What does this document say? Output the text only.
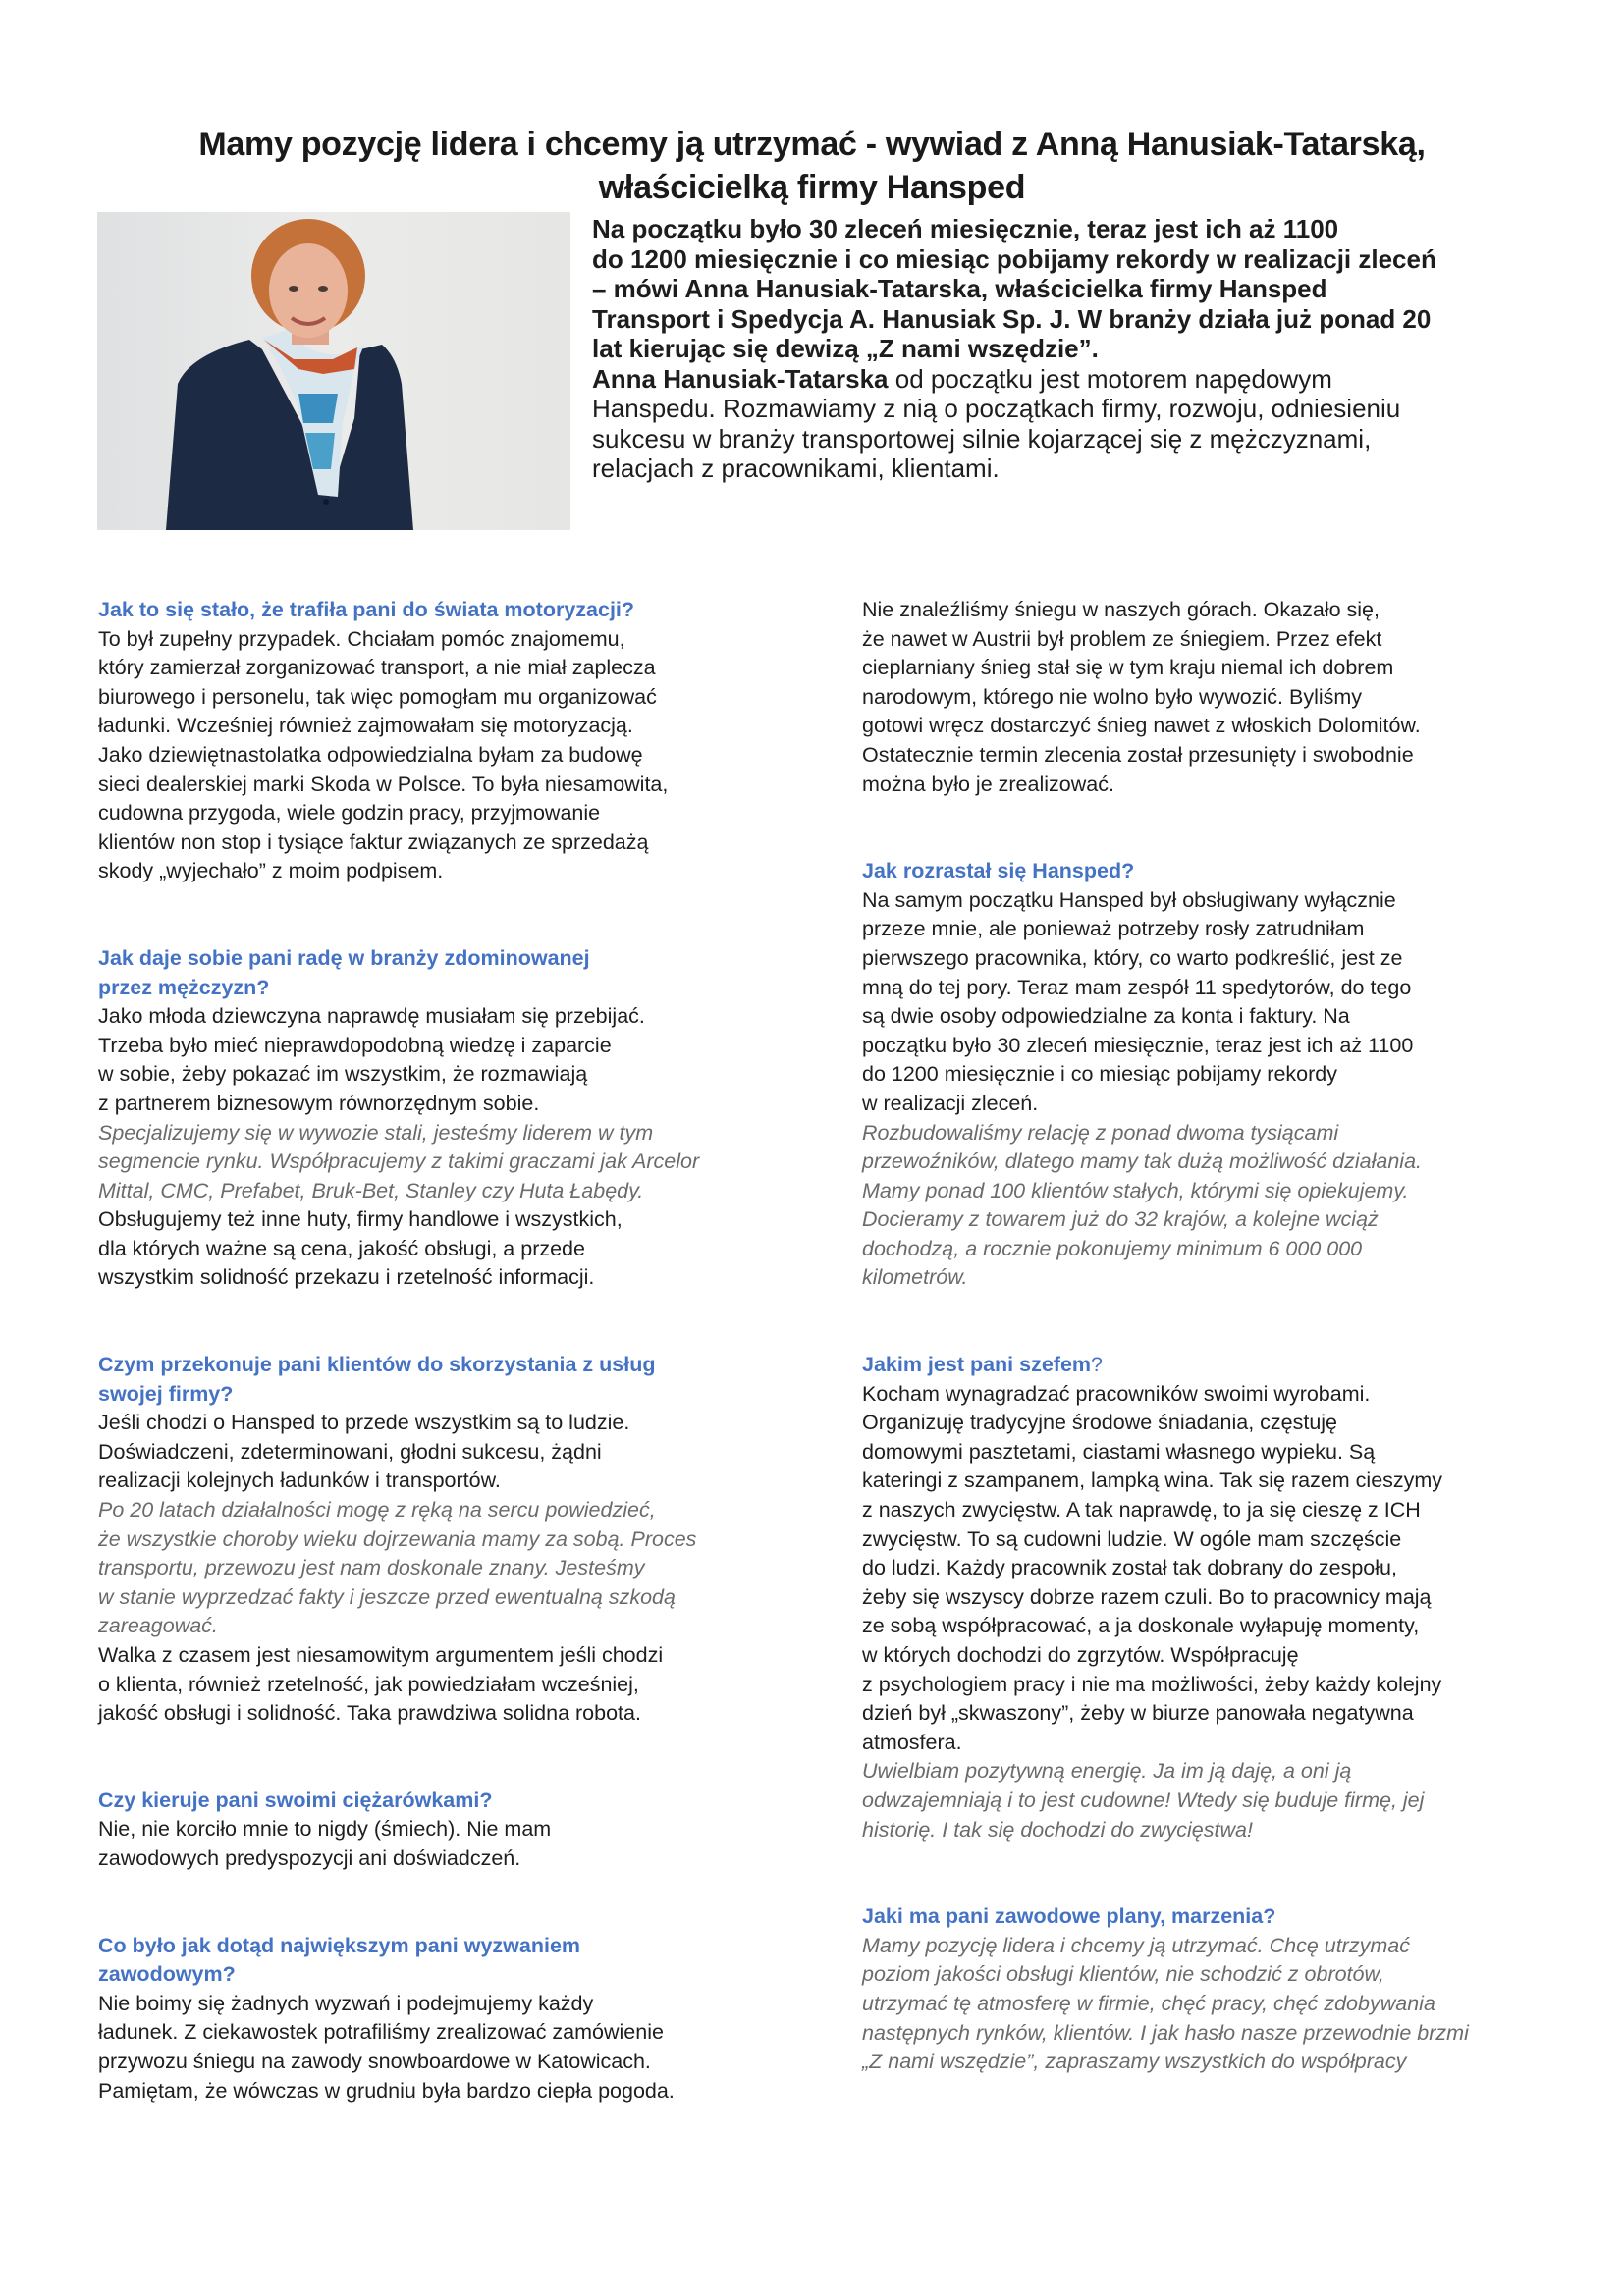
Mamy pozycję lidera i chcemy ją utrzymać - wywiad z Anną Hanusiak-Tatarską,
właścicielką firmy Hansped
Na początku było 30 zleceń miesięcznie, teraz jest ich aż 1100
do 1200 miesięcznie i co miesiąc pobijamy rekordy w realizacji zleceń
– mówi Anna Hanusiak-Tatarska, właścicielka firmy Hansped
Transport i Spedycja A. Hanusiak Sp. J. W branży działa już ponad 20
lat kierując się dewizą „Z nami wszędzie”.
Anna Hanusiak-Tatarska od początku jest motorem napędowym
Hanspedu. Rozmawiamy z nią o początkach firmy, rozwoju, odniesieniu
sukcesu w branży transportowej silnie kojarzącej się z mężczyznami,
relacjach z pracownikami, klientami.
Jak to się stało, że trafiła pani do świata motoryzacji?
To był zupełny przypadek. Chciałam pomóc znajomemu,
który zamierzał zorganizować transport, a nie miał zaplecza
biurowego i personelu, tak więc pomogłam mu organizować
ładunki. Wcześniej również zajmowałam się motoryzacją.
Jako dziewiętnastolatka odpowiedzialna byłam za budowę
sieci dealerskiej marki Skoda w Polsce. To była niesamowita,
cudowna przygoda, wiele godzin pracy, przyjmowanie
klientów non stop i tysiące faktur związanych ze sprzedażą
skody „wyjechało” z moim podpisem.
Jak daje sobie pani radę w branży zdominowanej
przez mężczyzn?
Jako młoda dziewczyna naprawdę musiałam się przebijać.
Trzeba było mieć nieprawdopodobną wiedzę i zaparcie
w sobie, żeby pokazać im wszystkim, że rozmawiają
z partnerem biznesowym równorzędnym sobie.
Specjalizujemy się w wywozie stali, jesteśmy liderem w tym
segmencie rynku. Współpracujemy z takimi graczami jak Arcelor
Mittal, CMC, Prefabet, Bruk-Bet, Stanley czy Huta Łabędy.
Obsługujemy też inne huty, firmy handlowe i wszystkich,
dla których ważne są cena, jakość obsługi, a przede
wszystkim solidność przekazu i rzetelność informacji.
Czym przekonuje pani klientów do skorzystania z usług
swojej firmy?
Jeśli chodzi o Hansped to przede wszystkim są to ludzie.
Doświadczeni, zdeterminowani, głodni sukcesu, żądni
realizacji kolejnych ładunków i transportów.
Po 20 latach działalności mogę z ręką na sercu powiedzieć,
że wszystkie choroby wieku dojrzewania mamy za sobą. Proces
transportu, przewozu jest nam doskonale znany. Jesteśmy
w stanie wyprzedzać fakty i jeszcze przed ewentualną szkodą
zareagować.
Walka z czasem jest niesamowitym argumentem jeśli chodzi
o klienta, również rzetelność, jak powiedziałam wcześniej,
jakość obsługi i solidność. Taka prawdziwa solidna robota.
Czy kieruje pani swoimi ciężarówkami?
Nie, nie korciło mnie to nigdy (śmiech). Nie mam
zawodowych predyspozycji ani doświadczeń.
Co było jak dotąd największym pani wyzwaniem
zawodowym?
Nie boimy się żadnych wyzwań i podejmujemy każdy
ładunek. Z ciekawostek potrafiliśmy zrealizować zamówienie
przywozu śniegu na zawody snowboardowe w Katowicach.
Pamiętam, że wówczas w grudniu była bardzo ciepła pogoda.
Nie znaleźliśmy śniegu w naszych górach. Okazało się,
że nawet w Austrii był problem ze śniegiem. Przez efekt
cieplarniany śnieg stał się w tym kraju niemal ich dobrem
narodowym, którego nie wolno było wywozić. Byliśmy
gotowi wręcz dostarczyć śnieg nawet z włoskich Dolomitów.
Ostatecznie termin zlecenia został przesunięty i swobodnie
można było je zrealizować.
Jak rozrastał się Hansped?
Na samym początku Hansped był obsługiwany wyłącznie
przeze mnie, ale ponieważ potrzeby rosły zatrudniłam
pierwszego pracownika, który, co warto podkreślić, jest ze
mną do tej pory. Teraz mam zespół 11 spedytorów, do tego
są dwie osoby odpowiedzialne za konta i faktury. Na
początku było 30 zleceń miesięcznie, teraz jest ich aż 1100
do 1200 miesięcznie i co miesiąc pobijamy rekordy
w realizacji zleceń.
Rozbudowaliśmy relację z ponad dwoma tysiącami
przewoźników, dlatego mamy tak dużą możliwość działania.
Mamy ponad 100 klientów stałych, którymi się opiekujemy.
Docieramy z towarem już do 32 krajów, a kolejne wciąż
dochodzą, a rocznie pokonujemy minimum 6 000 000
kilometrów.
Jakim jest pani szefem?
Kocham wynagradzać pracowników swoimi wyrobami.
Organizuję tradycyjne środowe śniadania, częstuję
domowymi pasztetami, ciastami własnego wypieku. Są
kateringi z szampanem, lampką wina. Tak się razem cieszymy
z naszych zwycięstw. A tak naprawdę, to ja się cieszę z ICH
zwycięstw. To są cudowni ludzie. W ogóle mam szczęście
do ludzi. Każdy pracownik został tak dobrany do zespołu,
żeby się wszyscy dobrze razem czuli. Bo to pracownicy mają
ze sobą współpracować, a ja doskonale wyłapuję momenty,
w których dochodzi do zgrzytów. Współpracuję
z psychologiem pracy i nie ma możliwości, żeby każdy kolejny
dzień był „skwaszony”, żeby w biurze panowała negatywna
atmosfera.
Uwielbiam pozytywną energię. Ja im ją daję, a oni ją
odwzajemniają i to jest cudowne! Wtedy się buduje firmę, jej
historię. I tak się dochodzi do zwycięstwa!
Jaki ma pani zawodowe plany, marzenia?
Mamy pozycję lidera i chcemy ją utrzymać. Chcę utrzymać
poziom jakości obsługi klientów, nie schodzić z obrotów,
utrzymać tę atmosferę w firmie, chęć pracy, chęć zdobywania
następnych rynków, klientów. I jak hasło nasze przewodnie brzmi
„Z nami wszędzie”, zapraszamy wszystkich do współpracy
